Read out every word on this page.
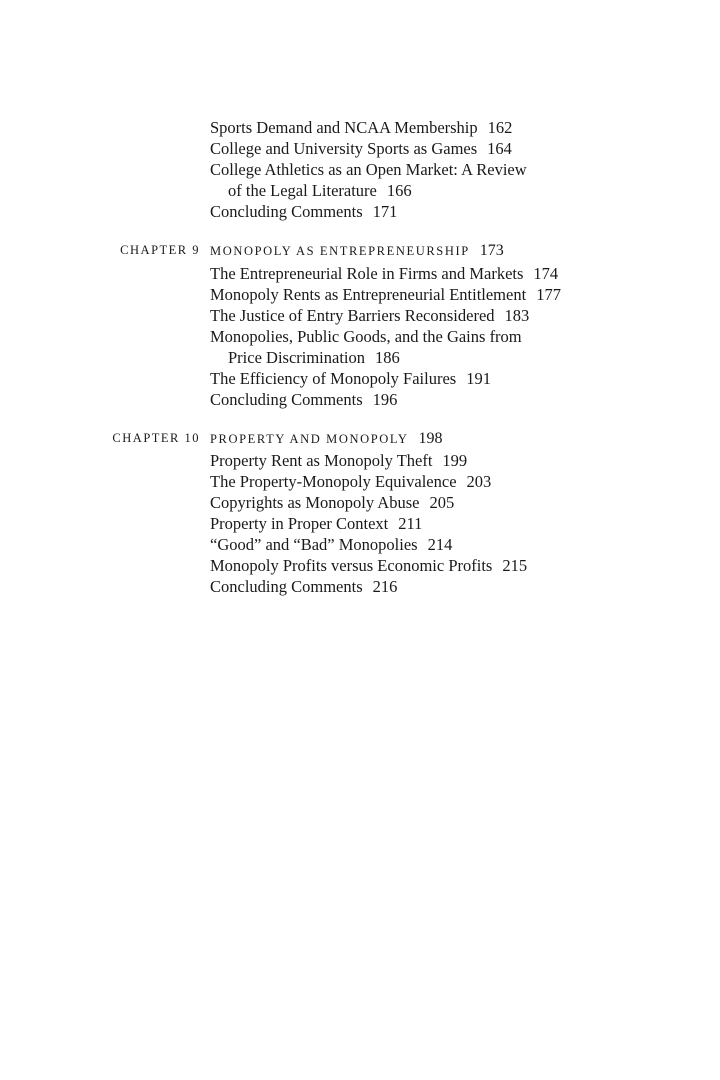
Sports Demand and NCAA Membership 162
College and University Sports as Games 164
College Athletics as an Open Market: A Review
of the Legal Literature 166
Concluding Comments 171
CHAPTER 9 MONOPOLY AS ENTREPRENEURSHIP 173
The Entrepreneurial Role in Firms and Markets 174
Monopoly Rents as Entrepreneurial Entitlement 177
The Justice of Entry Barriers Reconsidered 183
Monopolies, Public Goods, and the Gains from
Price Discrimination 186
The Efficiency of Monopoly Failures 191
Concluding Comments 196
CHAPTER 10 PROPERTY AND MONOPOLY 198
Property Rent as Monopoly Theft 199
The Property-Monopoly Equivalence 203
Copyrights as Monopoly Abuse 205
Property in Proper Context 211
“Good” and “Bad” Monopolies 214
Monopoly Profits versus Economic Profits 215
Concluding Comments 216
